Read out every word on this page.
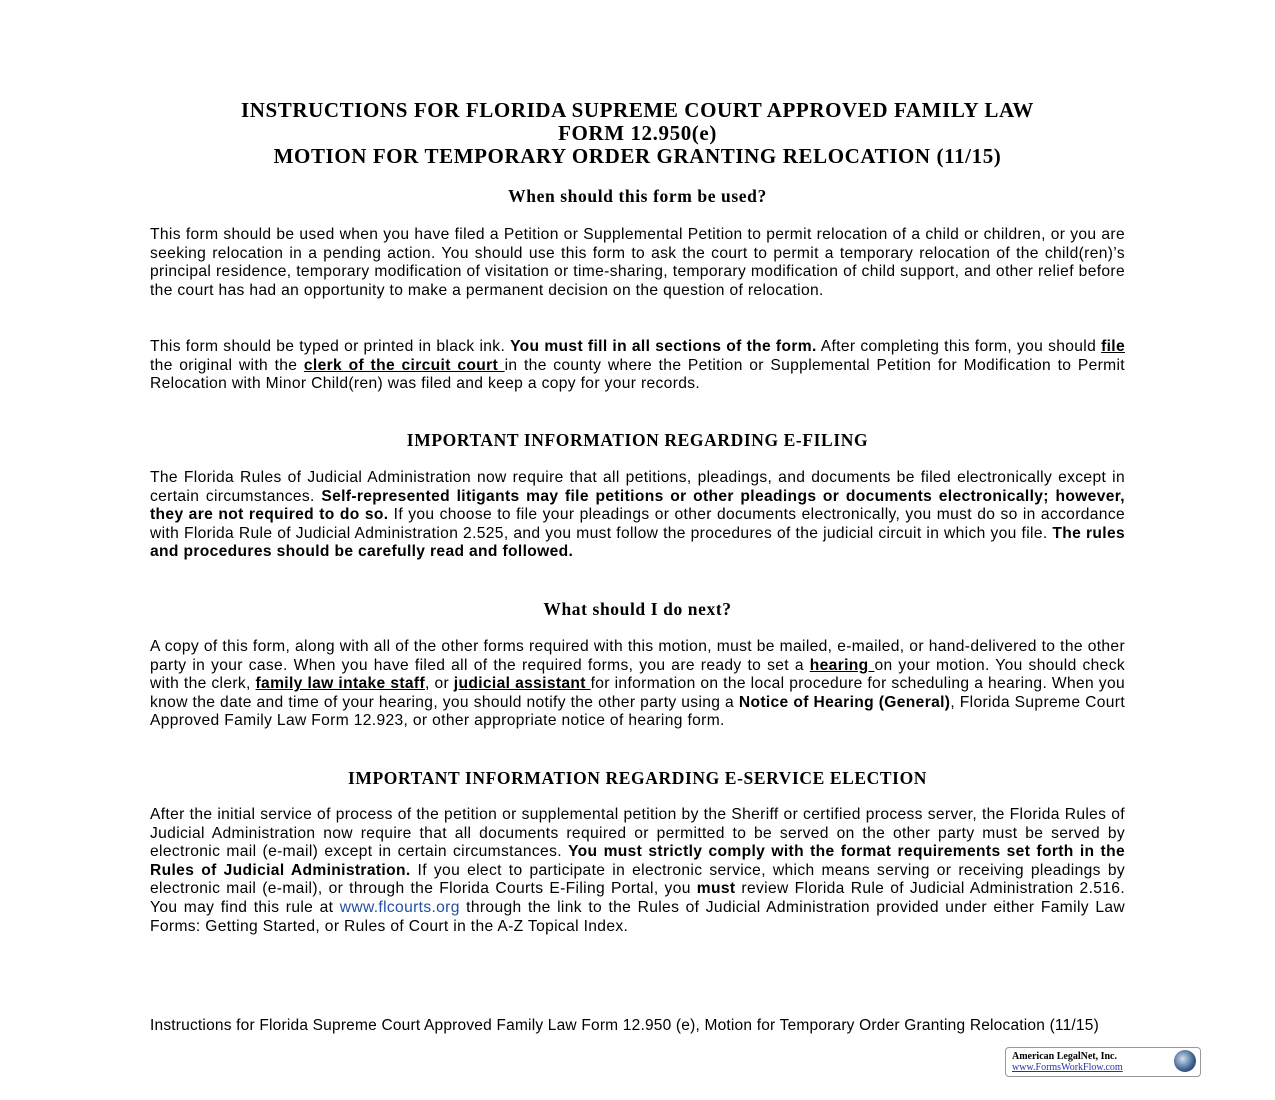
INSTRUCTIONS FOR FLORIDA SUPREME COURT APPROVED FAMILY LAW
FORM 12.950(e)
MOTION FOR TEMPORARY ORDER GRANTING RELOCATION (11/15)
When should this form be used?
This form should be used when you have filed a Petition or Supplemental Petition to permit relocation of a child or children, or you are seeking relocation in a pending action. You should use this form to ask the court to permit a temporary relocation of the child(ren)’s principal residence, temporary modification of visitation or time-sharing, temporary modification of child support, and other relief before the court has had an opportunity to make a permanent decision on the question of relocation.
This form should be typed or printed in black ink. You must fill in all sections of the form. After completing this form, you should file the original with the clerk of the circuit court in the county where the Petition or Supplemental Petition for Modification to Permit Relocation with Minor Child(ren) was filed and keep a copy for your records.
IMPORTANT INFORMATION REGARDING E-FILING
The Florida Rules of Judicial Administration now require that all petitions, pleadings, and documents be filed electronically except in certain circumstances. Self-represented litigants may file petitions or other pleadings or documents electronically; however, they are not required to do so. If you choose to file your pleadings or other documents electronically, you must do so in accordance with Florida Rule of Judicial Administration 2.525, and you must follow the procedures of the judicial circuit in which you file. The rules and procedures should be carefully read and followed.
What should I do next?
A copy of this form, along with all of the other forms required with this motion, must be mailed, e-mailed, or hand-delivered to the other party in your case. When you have filed all of the required forms, you are ready to set a hearing on your motion. You should check with the clerk, family law intake staff, or judicial assistant for information on the local procedure for scheduling a hearing. When you know the date and time of your hearing, you should notify the other party using a Notice of Hearing (General), Florida Supreme Court Approved Family Law Form 12.923, or other appropriate notice of hearing form.
IMPORTANT INFORMATION REGARDING E-SERVICE ELECTION
After the initial service of process of the petition or supplemental petition by the Sheriff or certified process server, the Florida Rules of Judicial Administration now require that all documents required or permitted to be served on the other party must be served by electronic mail (e-mail) except in certain circumstances. You must strictly comply with the format requirements set forth in the Rules of Judicial Administration. If you elect to participate in electronic service, which means serving or receiving pleadings by electronic mail (e-mail), or through the Florida Courts E-Filing Portal, you must review Florida Rule of Judicial Administration 2.516. You may find this rule at www.flcourts.org through the link to the Rules of Judicial Administration provided under either Family Law Forms: Getting Started, or Rules of Court in the A-Z Topical Index.
Instructions for Florida Supreme Court Approved Family Law Form 12.950 (e), Motion for Temporary Order Granting Relocation (11/15)
American LegalNet, Inc.
www.FormsWorkFlow.com
